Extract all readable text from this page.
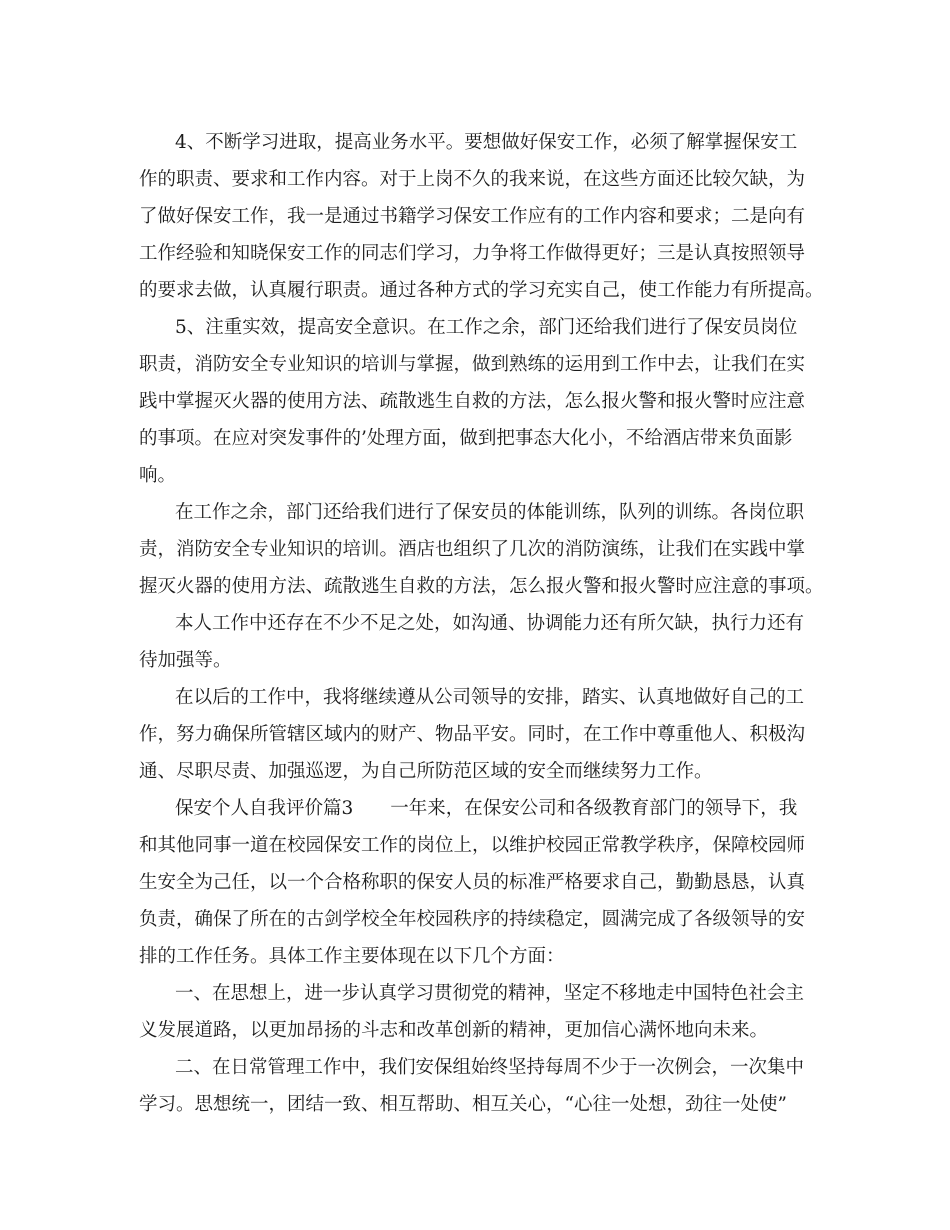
4、不断学习进取，提高业务水平。要想做好保安工作，必须了解掌握保安工
作的职责、要求和工作内容。对于上岗不久的我来说，在这些方面还比较欠缺，为
了做好保安工作，我一是通过书籍学习保安工作应有的工作内容和要求；二是向有
工作经验和知晓保安工作的同志们学习，力争将工作做得更好；三是认真按照领导
的要求去做，认真履行职责。通过各种方式的学习充实自己，使工作能力有所提高。
5、注重实效，提高安全意识。在工作之余，部门还给我们进行了保安员岗位
职责，消防安全专业知识的培训与掌握，做到熟练的运用到工作中去，让我们在实
践中掌握灭火器的使用方法、疏散逃生自救的方法，怎么报火警和报火警时应注意
的事项。在应对突发事件的’处理方面，做到把事态大化小，不给酒店带来负面影
响。
在工作之余，部门还给我们进行了保安员的体能训练，队列的训练。各岗位职
责，消防安全专业知识的培训。酒店也组织了几次的消防演练，让我们在实践中掌
握灭火器的使用方法、疏散逃生自救的方法，怎么报火警和报火警时应注意的事项。
本人工作中还存在不少不足之处，如沟通、协调能力还有所欠缺，执行力还有
待加强等。
在以后的工作中，我将继续遵从公司领导的安排，踏实、认真地做好自己的工
作，努力确保所管辖区域内的财产、物品平安。同时，在工作中尊重他人、积极沟
通、尽职尽责、加强巡逻，为自己所防范区域的安全而继续努力工作。
保安个人自我评价篇3　　一年来，在保安公司和各级教育部门的领导下，我
和其他同事一道在校园保安工作的岗位上，以维护校园正常教学秩序，保障校园师
生安全为己任，以一个合格称职的保安人员的标准严格要求自己，勤勤恳恳，认真
负责，确保了所在的古剑学校全年校园秩序的持续稳定，圆满完成了各级领导的安
排的工作任务。具体工作主要体现在以下几个方面：
一、在思想上，进一步认真学习贯彻党的精神，坚定不移地走中国特色社会主
义发展道路，以更加昂扬的斗志和改革创新的精神，更加信心满怀地向未来。
二、在日常管理工作中，我们安保组始终坚持每周不少于一次例会，一次集中
学习。思想统一，团结一致、相互帮助、相互关心，“心往一处想，劲往一处使”
